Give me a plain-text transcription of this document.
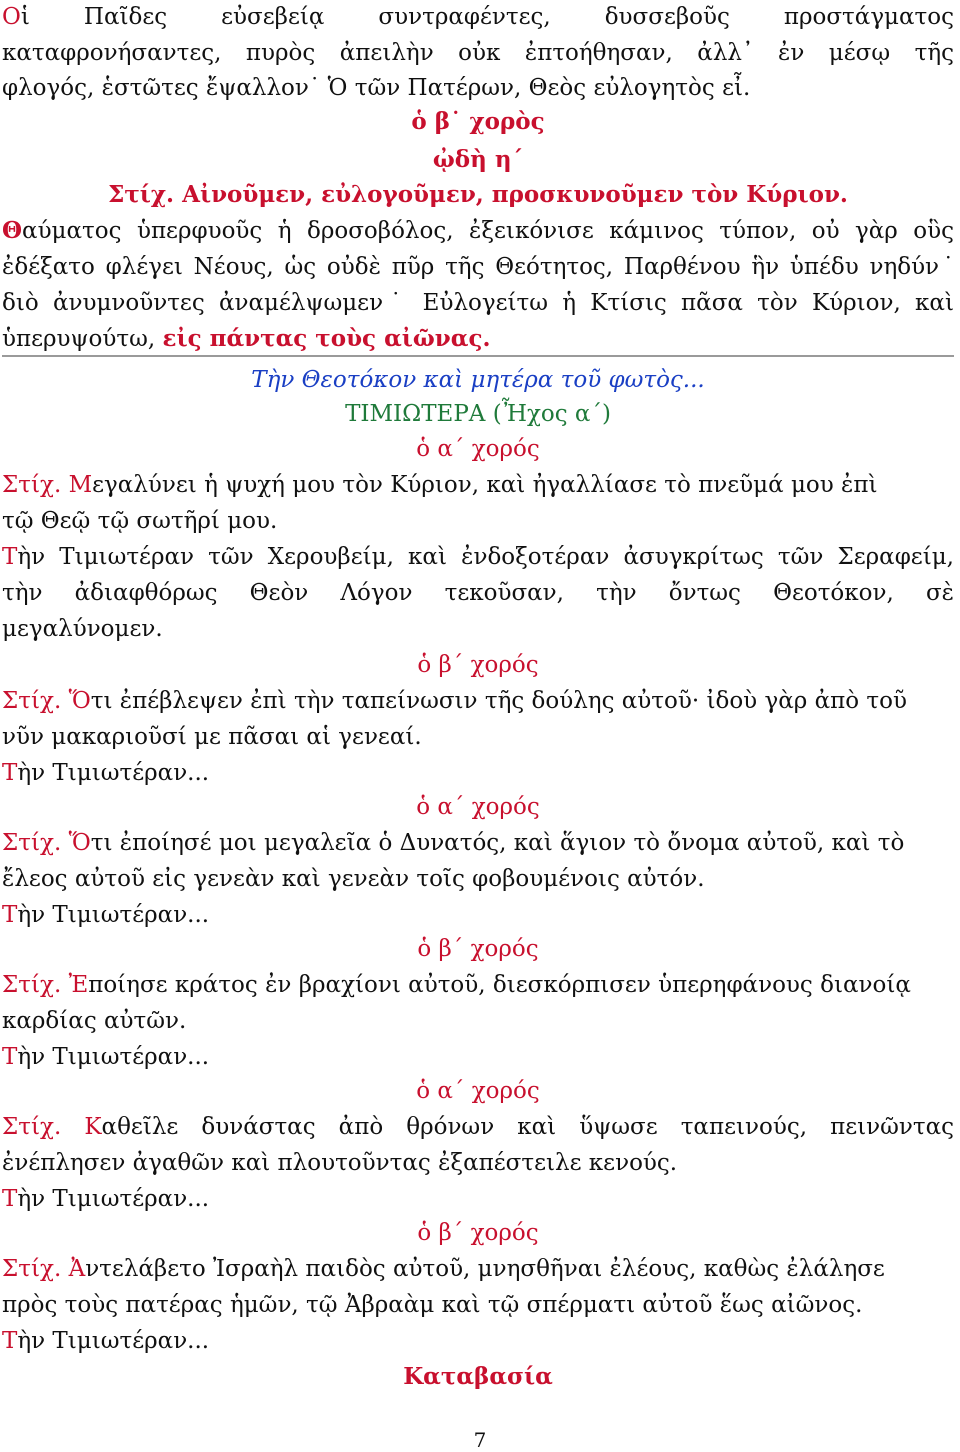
Οἱ Παῖδες εὐσεβείᾳ συντραφέντες, δυσσεβοῦς προστάγματος
καταφρονήσαντες, πυρὸς ἀπειλὴν οὐκ ἐπτοήθησαν, ἀλλ᾽ ἐν μέσῳ τῆς
φλογός, ἑστῶτες ἔψαλλον˙ Ὁ τῶν Πατέρων, Θεὸς εὐλογητὸς εἶ.
ὁ β˙ χορὸς
ᾠδὴ η΄
Στίχ. Αἰνοῦμεν, εὐλογοῦμεν, προσκυνοῦμεν τὸν Κύριον.
Θαύματος ὑπερφυοῦς ἡ δροσοβόλος, ἐξεικόνισε κάμινος τύπον, οὐ γὰρ οὓς
ἐδέξατο φλέγει Νέους, ὡς οὐδὲ πῦρ τῆς Θεότητος, Παρθένου ἣν ὑπέδυ νηδύν˙
διὸ ἀνυμνοῦντες ἀναμέλψωμεν˙ Εὐλογείτω ἡ Κτίσις πᾶσα τὸν Κύριον, καὶ
ὑπερυψούτω, εἰς πάντας τοὺς αἰῶνας.
Τὴν Θεοτόκον καὶ μητέρα τοῦ φωτὸς...
ΤΙΜΙΩΤΕΡΑ (Ἦχος α΄)
ὁ α΄ χορός
Στίχ. Μεγαλύνει ἡ ψυχή μου τὸν Κύριον, καὶ ἠγαλλίασε τὸ πνεῦμά μου ἐπὶ
τῷ Θεῷ τῷ σωτῆρί μου.
Τὴν Τιμιωτέραν τῶν Χερουβείμ, καὶ ἐνδοξοτέραν ἀσυγκρίτως τῶν Σεραφείμ,
τὴν ἀδιαφθόρως Θεὸν Λόγον τεκοῦσαν, τὴν ὄντως Θεοτόκον, σὲ
μεγαλύνομεν.
ὁ β΄ χορός
Στίχ. Ὅτι ἐπέβλεψεν ἐπὶ τὴν ταπείνωσιν τῆς δούλης αὐτοῦ· ἰδοὺ γὰρ ἀπὸ τοῦ
νῦν μακαριοῦσί με πᾶσαι αἱ γενεαί.
Τὴν Τιμιωτέραν...
ὁ α΄ χορός
Στίχ. Ὅτι ἐποίησέ μοι μεγαλεῖα ὁ Δυνατός, καὶ ἅγιον τὸ ὄνομα αὐτοῦ, καὶ τὸ
ἔλεος αὐτοῦ εἰς γενεὰν καὶ γενεὰν τοῖς φοβουμένοις αὐτόν.
Τὴν Τιμιωτέραν...
ὁ β΄ χορός
Στίχ. Ἐποίησε κράτος ἐν βραχίονι αὐτοῦ, διεσκόρπισεν ὑπερηφάνους διανοίᾳ
καρδίας αὐτῶν.
Τὴν Τιμιωτέραν...
ὁ α΄ χορός
Στίχ. Καθεῖλε δυνάστας ἀπὸ θρόνων καὶ ὕψωσε ταπεινούς, πεινῶντας
ἐνέπλησεν ἀγαθῶν καὶ πλουτοῦντας ἐξαπέστειλε κενούς.
Τὴν Τιμιωτέραν...
ὁ β΄ χορός
Στίχ. Ἀντελάβετο Ἰσραὴλ παιδὸς αὐτοῦ, μνησθῆναι ἐλέους, καθὼς ἐλάλησε
πρὸς τοὺς πατέρας ἡμῶν, τῷ Ἀβραὰμ καὶ τῷ σπέρματι αὐτοῦ ἕως αἰῶνος.
Τὴν Τιμιωτέραν...
Καταβασία
7
